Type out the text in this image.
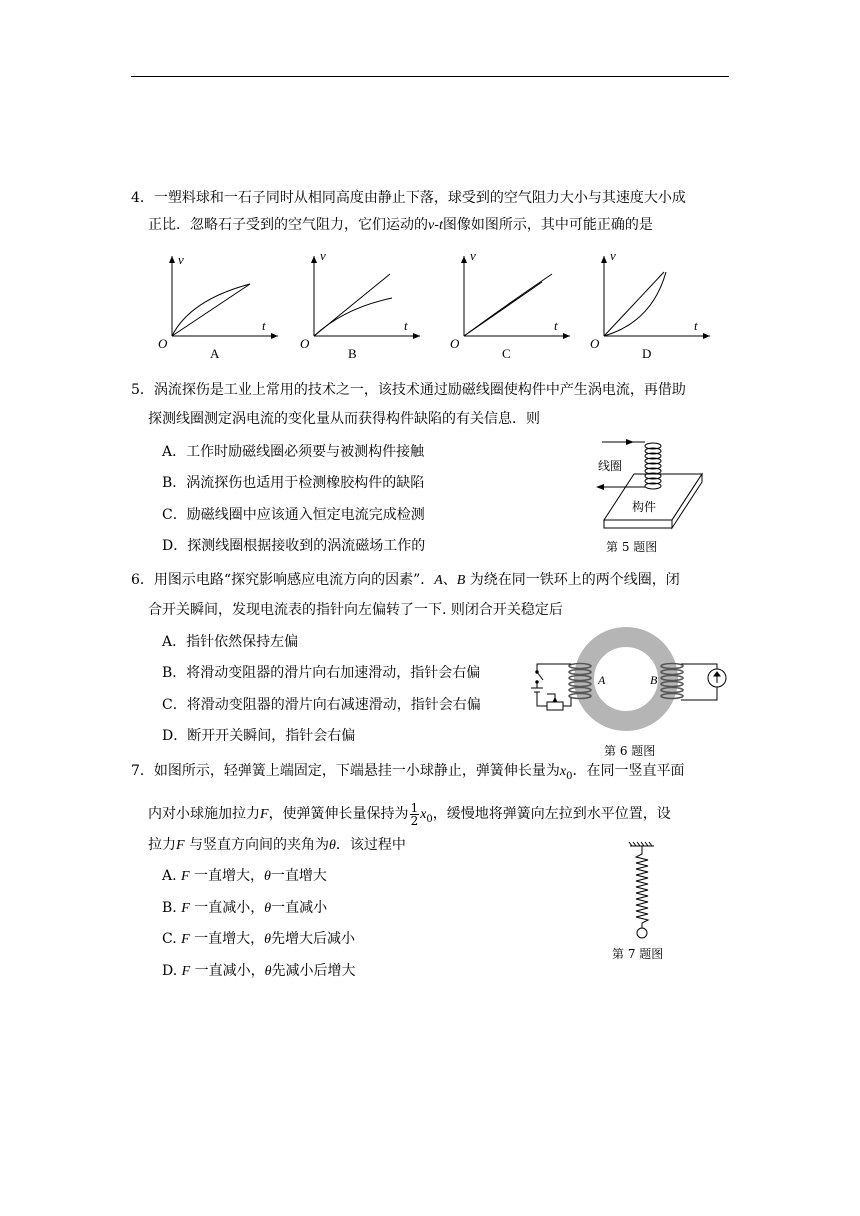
4．一塑料球和一石子同时从相同高度由静止下落，球受到的空气阻力大小与其速度大小成
正比．忽略石子受到的空气阻力，它们运动的v-t图像如图所示，其中可能正确的是
v
t
O
A
v
t
O
B
v
t
O
C
v
t
O
D
5．涡流探伤是工业上常用的技术之一，该技术通过励磁线圈使构件中产生涡电流，再借助
探测线圈测定涡电流的变化量从而获得构件缺陷的有关信息．则
A．工作时励磁线圈必须要与被测构件接触
B．涡流探伤也适用于检测橡胶构件的缺陷
C．励磁线圈中应该通入恒定电流完成检测
D．探测线圈根据接收到的涡流磁场工作的
线圈
构件
第 5 题图
6．用图示电路“探究影响感应电流方向的因素”．A、B 为绕在同一铁环上的两个线圈，闭
合开关瞬间，发现电流表的指针向左偏转了一下. 则闭合开关稳定后
A．指针依然保持左偏
B．将滑动变阻器的滑片向右加速滑动，指针会右偏
C．将滑动变阻器的滑片向右减速滑动，指针会右偏
D．断开开关瞬间，指针会右偏
A	B
第 6 题图
7．如图所示，轻弹簧上端固定，下端悬挂一小球静止，弹簧伸长量为$x_0$．在同一竖直平面
内对小球施加拉力F，使弹簧伸长量保持为 $\frac{1}{2} x_0$，缓慢地将弹簧向左拉到水平位置，设
拉力F 与竖直方向间的夹角为θ．该过程中
A. F 一直增大，θ一直增大
B. F 一直减小，θ一直减小
C. F 一直增大，θ先增大后减小
D. F 一直减小，θ先减小后增大
第 7 题图
